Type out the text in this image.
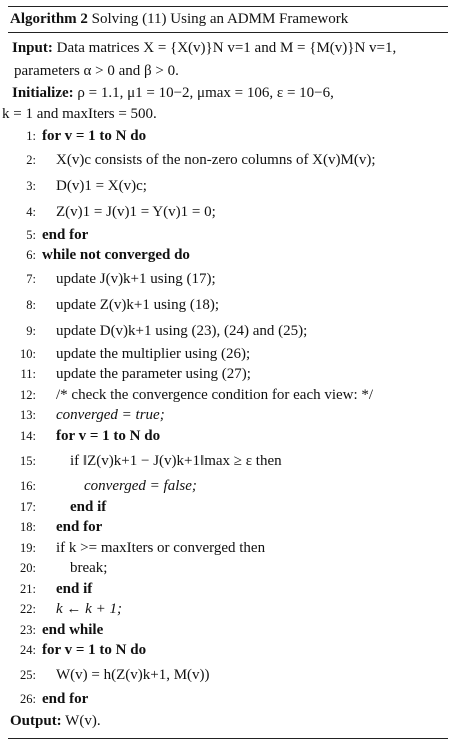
Algorithm 2 Solving (11) Using an ADMM Framework
Input: Data matrices X = {X(v)}N v=1 and M = {M(v)}N v=1,
parameters α > 0 and β > 0.
Initialize: ρ = 1.1, μ1 = 10−2, μmax = 106, ε = 10−6,
k = 1 and maxIters = 500.
1: for v = 1 to N do
2:	X(v)c consists of the non-zero columns of X(v)M(v);
3:	D(v)1 = X(v)c;
4:	Z(v)1 = J(v)1 = Y(v)1 = 0;
5: end for
6: while not converged do
7:	update J(v)k+1 using (17);
8:	update Z(v)k+1 using (18);
9:	update D(v)k+1 using (23), (24) and (25);
10:	update the multiplier using (26);
11:	update the parameter using (27);
12:	/* check the convergence condition for each view: */
13:	converged = true;
14:	for v = 1 to N do
15:	if ‖Z(v)k+1 − J(v)k+1‖max ≥ ε then
16:	converged = false;
17:	end if
18:	end for
19:	if k >= maxIters or converged then
20:	break;
21:	end if
22:	k ← k + 1;
23: end while
24: for v = 1 to N do
25:	W(v) = h(Z(v)k+1, M(v))
26: end for
Output: W(v).
